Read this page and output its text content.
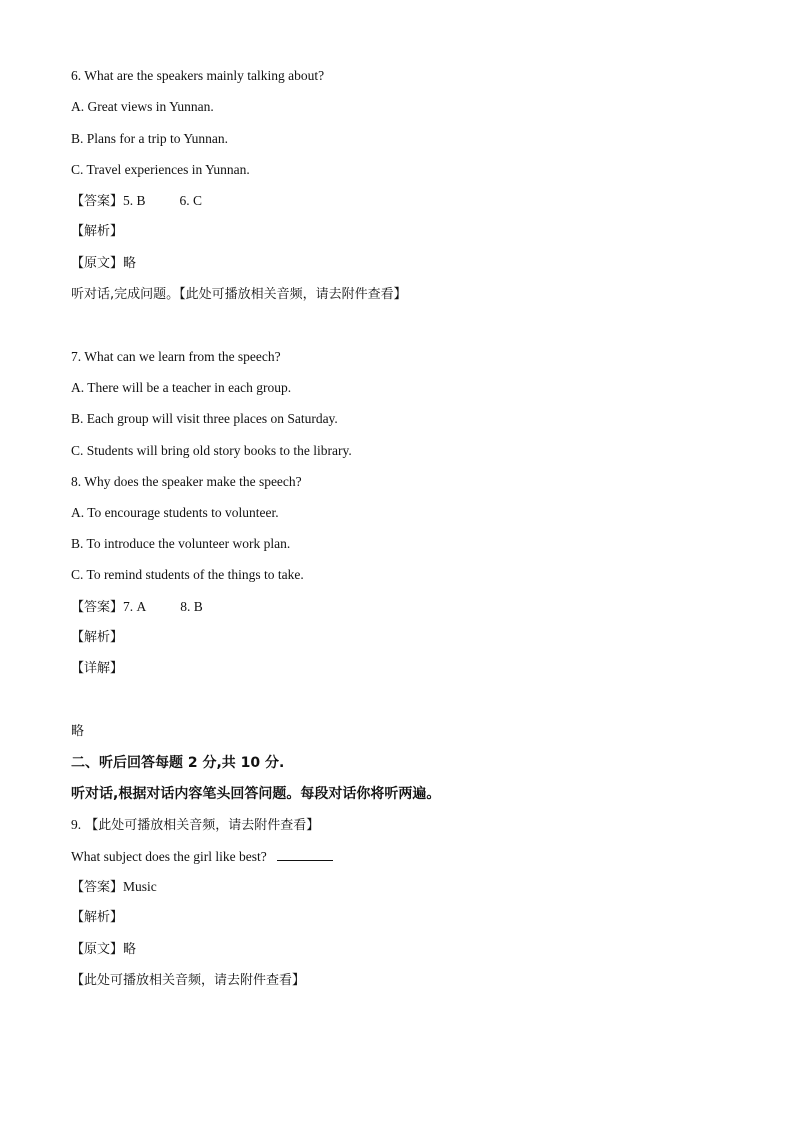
6. What are the speakers mainly talking about?
A. Great views in Yunnan.
B. Plans for a trip to Yunnan.
C. Travel experiences in Yunnan.
【答案】5. B	6. C
【解析】
【原文】略
听对话,完成问题。【此处可播放相关音频，请去附件查看】
7. What can we learn from the speech?
A. There will be a teacher in each group.
B. Each group will visit three places on Saturday.
C. Students will bring old story books to the library.
8. Why does the speaker make the speech?
A. To encourage students to volunteer.
B. To introduce the volunteer work plan.
C. To remind students of the things to take.
【答案】7. A	8. B
【解析】
【详解】
略
二、听后回答每题 2 分,共 10 分.
听对话,根据对话内容笔头回答问题。每段对话你将听两遍。
9. 【此处可播放相关音频，请去附件查看】
What subject does the girl like best?
【答案】Music
【解析】
【原文】略
【此处可播放相关音频，请去附件查看】
